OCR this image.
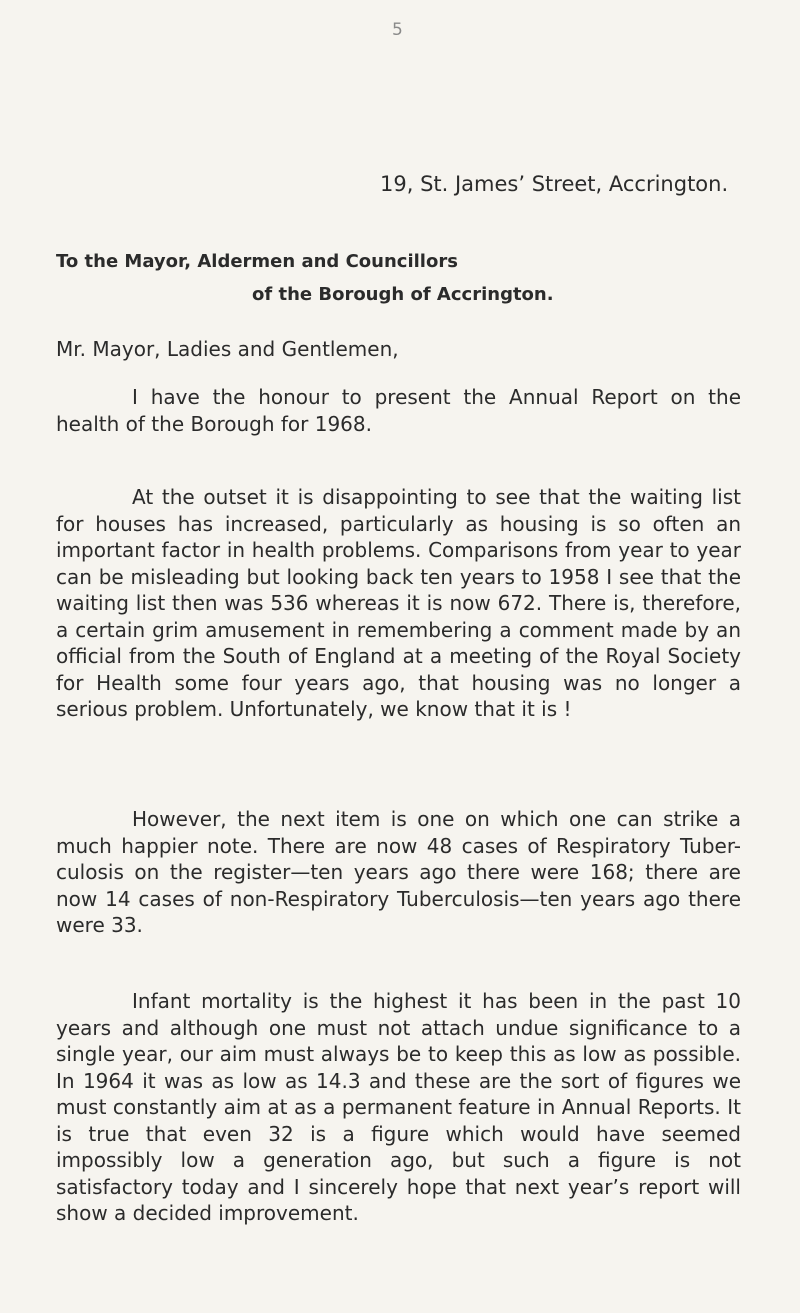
5
19, St. James’ Street, Accrington.
To the Mayor, Aldermen and Councillors
of the Borough of Accrington.
Mr. Mayor, Ladies and Gentlemen,

I have the honour to present the Annual Report on the health of the Borough for 1968.

At the outset it is disappointing to see that the waiting list for houses has increased, particularly as housing is so often an important factor in health problems. Comparisons from year to year can be misleading but looking back ten years to 1958 I see that the waiting list then was 536 whereas it is now 672. There is, therefore, a certain grim amusement in remembering a comment made by an official from the South of England at a meeting of the Royal Society for Health some four years ago, that housing was no longer a serious problem. Unfortunately, we know that it is !

However, the next item is one on which one can strike a much happier note. There are now 48 cases of Respiratory Tuber-culosis on the register—ten years ago there were 168; there are now 14 cases of non-Respiratory Tuberculosis—ten years ago there were 33.

Infant mortality is the highest it has been in the past 10 years and although one must not attach undue significance to a single year, our aim must always be to keep this as low as possible. In 1964 it was as low as 14.3 and these are the sort of figures we must constantly aim at as a permanent feature in Annual Reports. It is true that even 32 is a figure which would have seemed impossibly low a generation ago, but such a figure is not satisfactory today and I sincerely hope that next year’s report will show a decided improvement.
